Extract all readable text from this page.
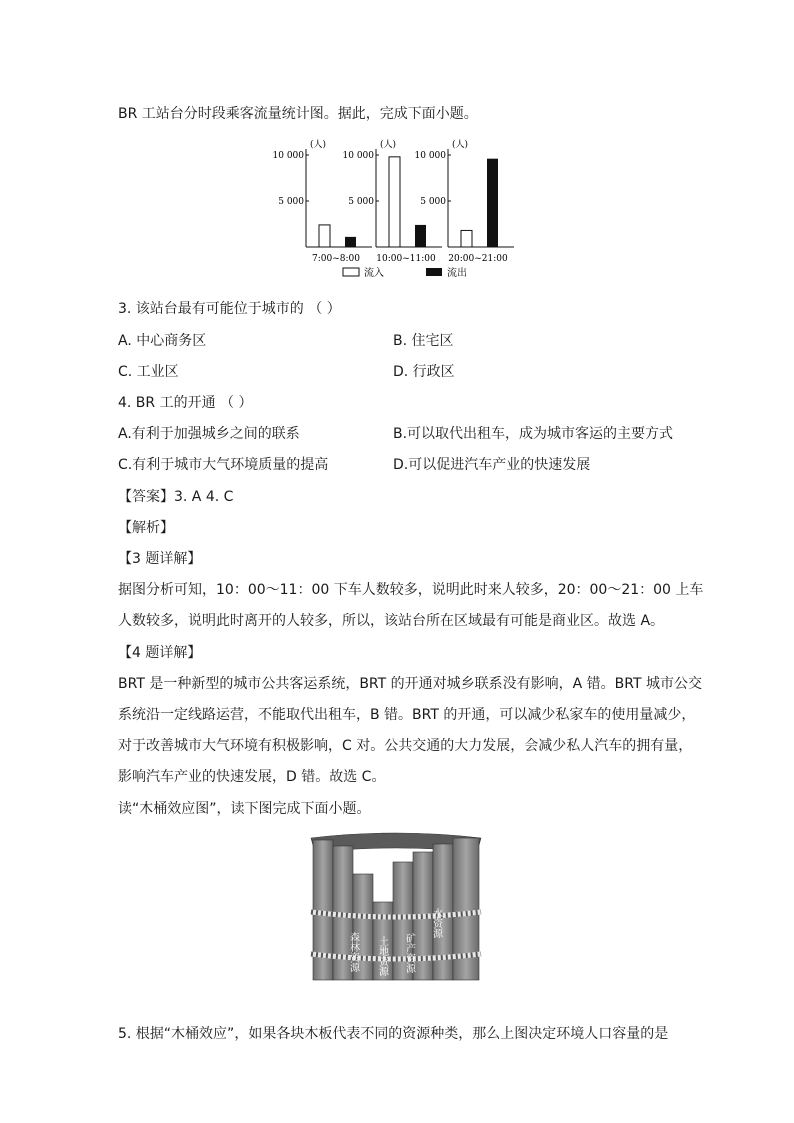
BR 工站台分时段乘客流量统计图。据此，完成下面小题。
(人)
10 000
5 000
7:00~8:00
(人)
10 000
5 000
10:00~11:00
(人)
10 000
5 000
20:00~21:00
流入	流出
3. 该站台最有可能位于城市的 （ ）
A. 中心商务区	B. 住宅区
C. 工业区	D. 行政区
4. BR 工的开通 （ ）
A.有利于加强城乡之间的联系	B.可以取代出租车，成为城市客运的主要方式
C.有利于城市大气环境质量的提高	D.可以促进汽车产业的快速发展
【答案】3. A 4. C
【解析】
【3 题详解】
据图分析可知，10：00～11：00 下车人数较多，说明此时来人较多，20：00～21：00 上车
人数较多，说明此时离开的人较多，所以，该站台所在区域最有可能是商业区。故选 A。
【4 题详解】
BRT 是一种新型的城市公共客运系统，BRT 的开通对城乡联系没有影响，A 错。BRT 城市公交
系统沿一定线路运营，不能取代出租车，B 错。BRT 的开通，可以减少私家车的使用量减少，
对于改善城市大气环境有积极影响，C 对。公共交通的大力发展，会减少私人汽车的拥有量，
影响汽车产业的快速发展，D 错。故选 C。
读“木桶效应图”，读下图完成下面小题。
森林资源 土地资源 矿产资源
水资源
5. 根据“木桶效应”，如果各块木板代表不同的资源种类，那么上图决定环境人口容量的是
